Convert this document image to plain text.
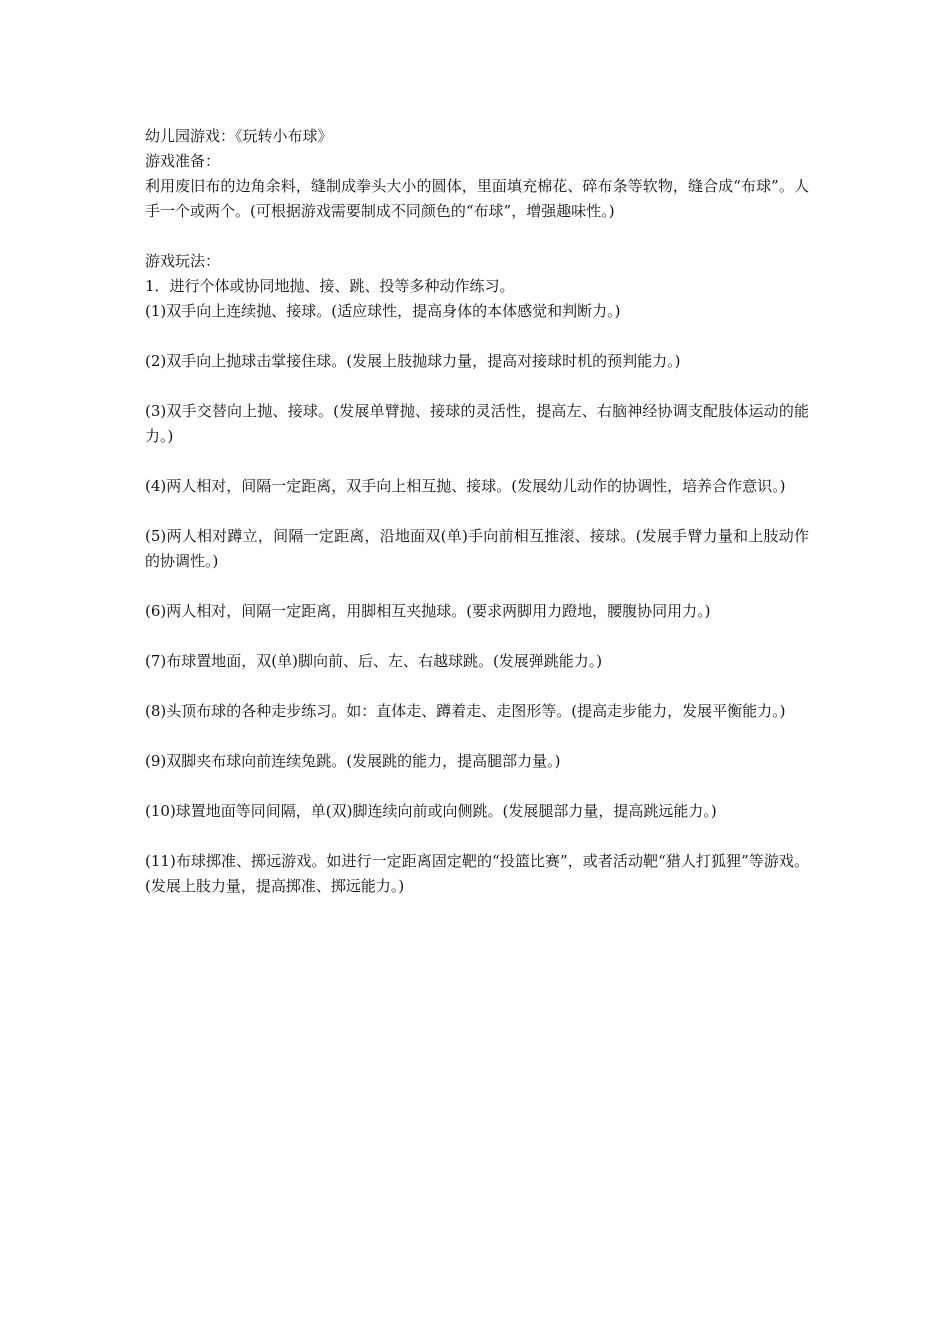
幼儿园游戏：《玩转小布球》

游戏准备：

利用废旧布的边角余料，缝制成拳头大小的圆体，里面填充棉花、碎布条等软物，缝合成“布球”。人手一个或两个。(可根据游戏需要制成不同颜色的“布球”，增强趣味性。)

游戏玩法：

1．进行个体或协同地抛、接、跳、投等多种动作练习。

(1)双手向上连续抛、接球。(适应球性，提高身体的本体感觉和判断力。)

(2)双手向上抛球击掌接住球。(发展上肢抛球力量，提高对接球时机的预判能力。)

(3)双手交替向上抛、接球。(发展单臂抛、接球的灵活性，提高左、右脑神经协调支配肢体运动的能力。)

(4)两人相对，间隔一定距离，双手向上相互抛、接球。(发展幼儿动作的协调性，培养合作意识。)

(5)两人相对蹲立，间隔一定距离，沿地面双(单)手向前相互推滚、接球。(发展手臂力量和上肢动作的协调性。)

(6)两人相对，间隔一定距离，用脚相互夹抛球。(要求两脚用力蹬地，腰腹协同用力。)

(7)布球置地面，双(单)脚向前、后、左、右越球跳。(发展弹跳能力。)

(8)头顶布球的各种走步练习。如：直体走、蹲着走、走图形等。(提高走步能力，发展平衡能力。)

(9)双脚夹布球向前连续兔跳。(发展跳的能力，提高腿部力量。)

(10)球置地面等同间隔，单(双)脚连续向前或向侧跳。(发展腿部力量，提高跳远能力。)

(11)布球掷准、掷远游戏。如进行一定距离固定靶的“投篮比赛”，或者活动靶“猎人打狐狸”等游戏。(发展上肢力量，提高掷准、掷远能力。)
